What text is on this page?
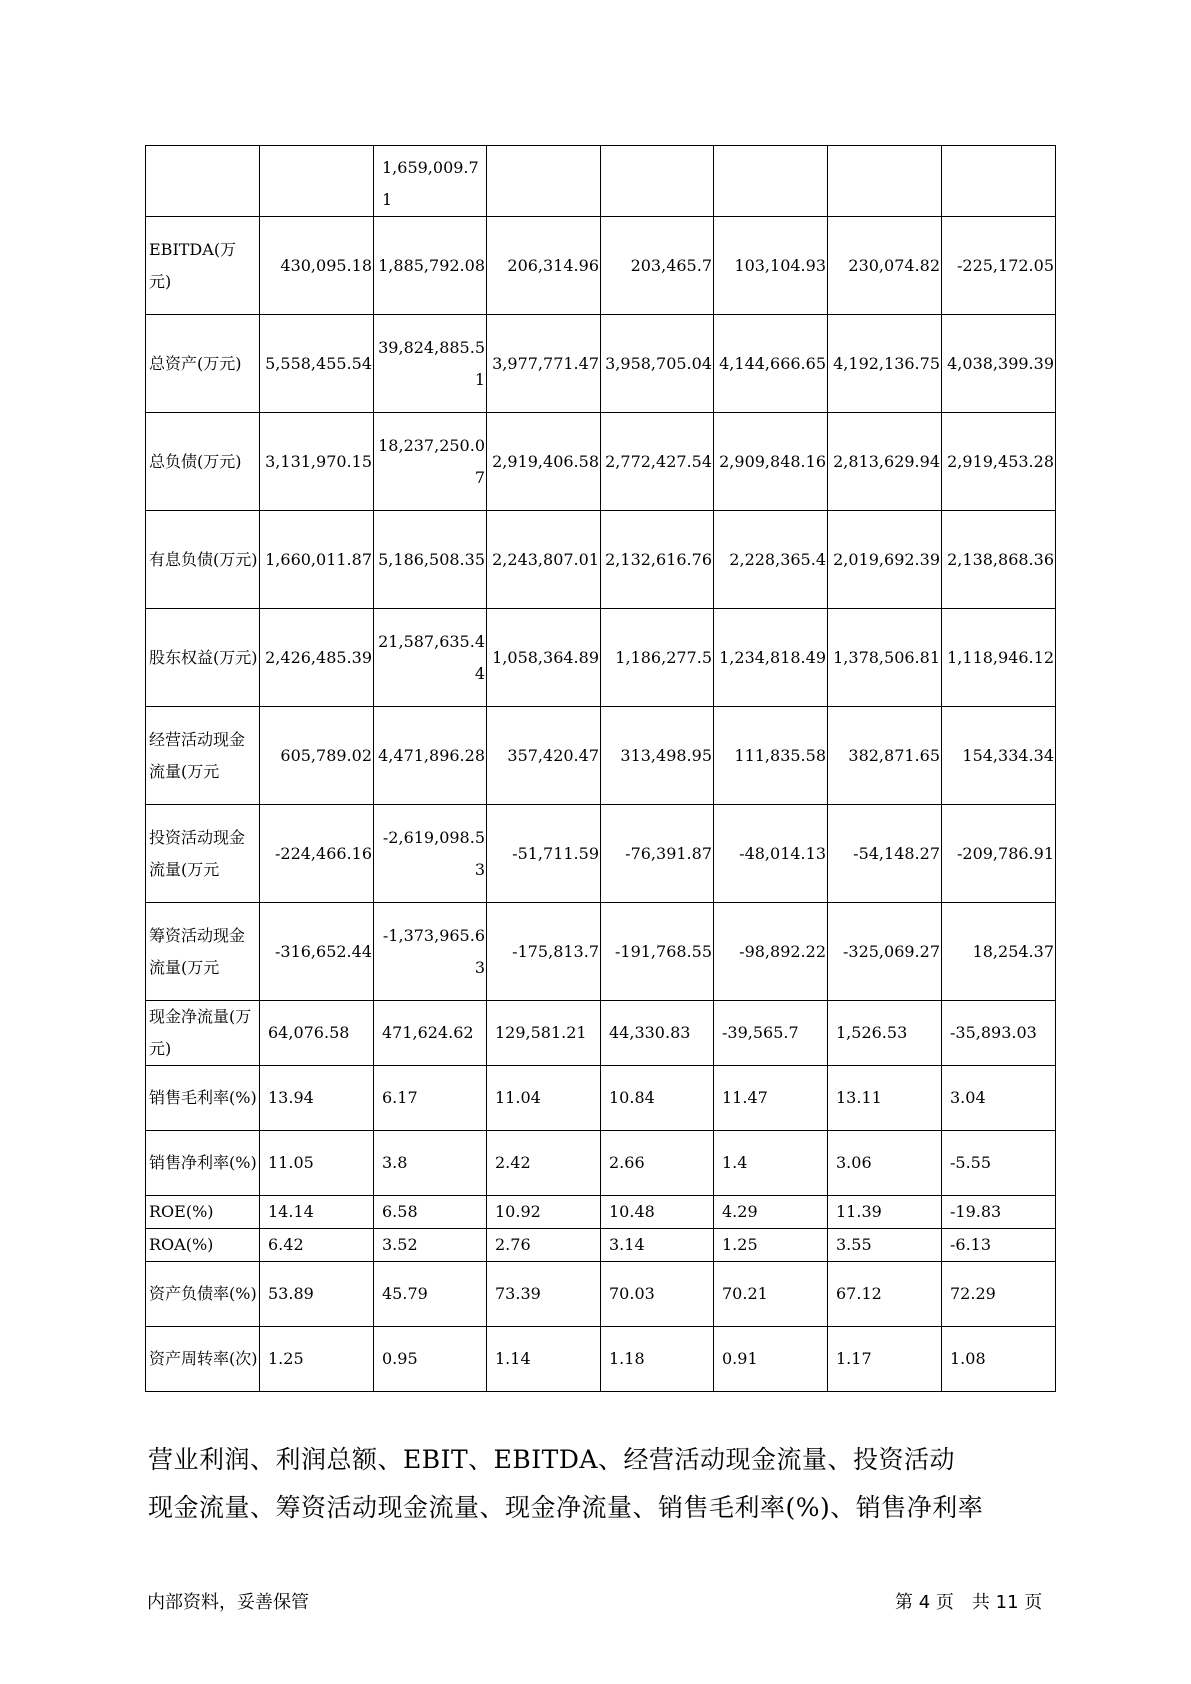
		1,659,009.71					
EBITDA(万元)	430,095.18	1,885,792.08	206,314.96	203,465.7	103,104.93	230,074.82	-225,172.05
总资产(万元)	5,558,455.54	39,824,885.51	3,977,771.47	3,958,705.04	4,144,666.65	4,192,136.75	4,038,399.39
总负债(万元)	3,131,970.15	18,237,250.07	2,919,406.58	2,772,427.54	2,909,848.16	2,813,629.94	2,919,453.28
有息负债(万元)	1,660,011.87	5,186,508.35	2,243,807.01	2,132,616.76	2,228,365.4	2,019,692.39	2,138,868.36
股东权益(万元)	2,426,485.39	21,587,635.44	1,058,364.89	1,186,277.5	1,234,818.49	1,378,506.81	1,118,946.12
经营活动现金流量(万元	605,789.02	4,471,896.28	357,420.47	313,498.95	111,835.58	382,871.65	154,334.34
投资活动现金流量(万元	-224,466.16	-2,619,098.53	-51,711.59	-76,391.87	-48,014.13	-54,148.27	-209,786.91
筹资活动现金流量(万元	-316,652.44	-1,373,965.63	-175,813.7	-191,768.55	-98,892.22	-325,069.27	18,254.37
现金净流量(万元)	64,076.58	471,624.62	129,581.21	44,330.83	-39,565.7	1,526.53	-35,893.03
销售毛利率(%)	13.94	6.17	11.04	10.84	11.47	13.11	3.04
销售净利率(%)	11.05	3.8	2.42	2.66	1.4	3.06	-5.55
ROE(%)	14.14	6.58	10.92	10.48	4.29	11.39	-19.83
ROA(%)	6.42	3.52	2.76	3.14	1.25	3.55	-6.13
资产负债率(%)	53.89	45.79	73.39	70.03	70.21	67.12	72.29
资产周转率(次)	1.25	0.95	1.14	1.18	0.91	1.17	1.08
营业利润、利润总额、EBIT、EBITDA、经营活动现金流量、投资活动
现金流量、筹资活动现金流量、现金净流量、销售毛利率(%)、销售净利率
内部资料，妥善保管	第 4 页　共 11 页
